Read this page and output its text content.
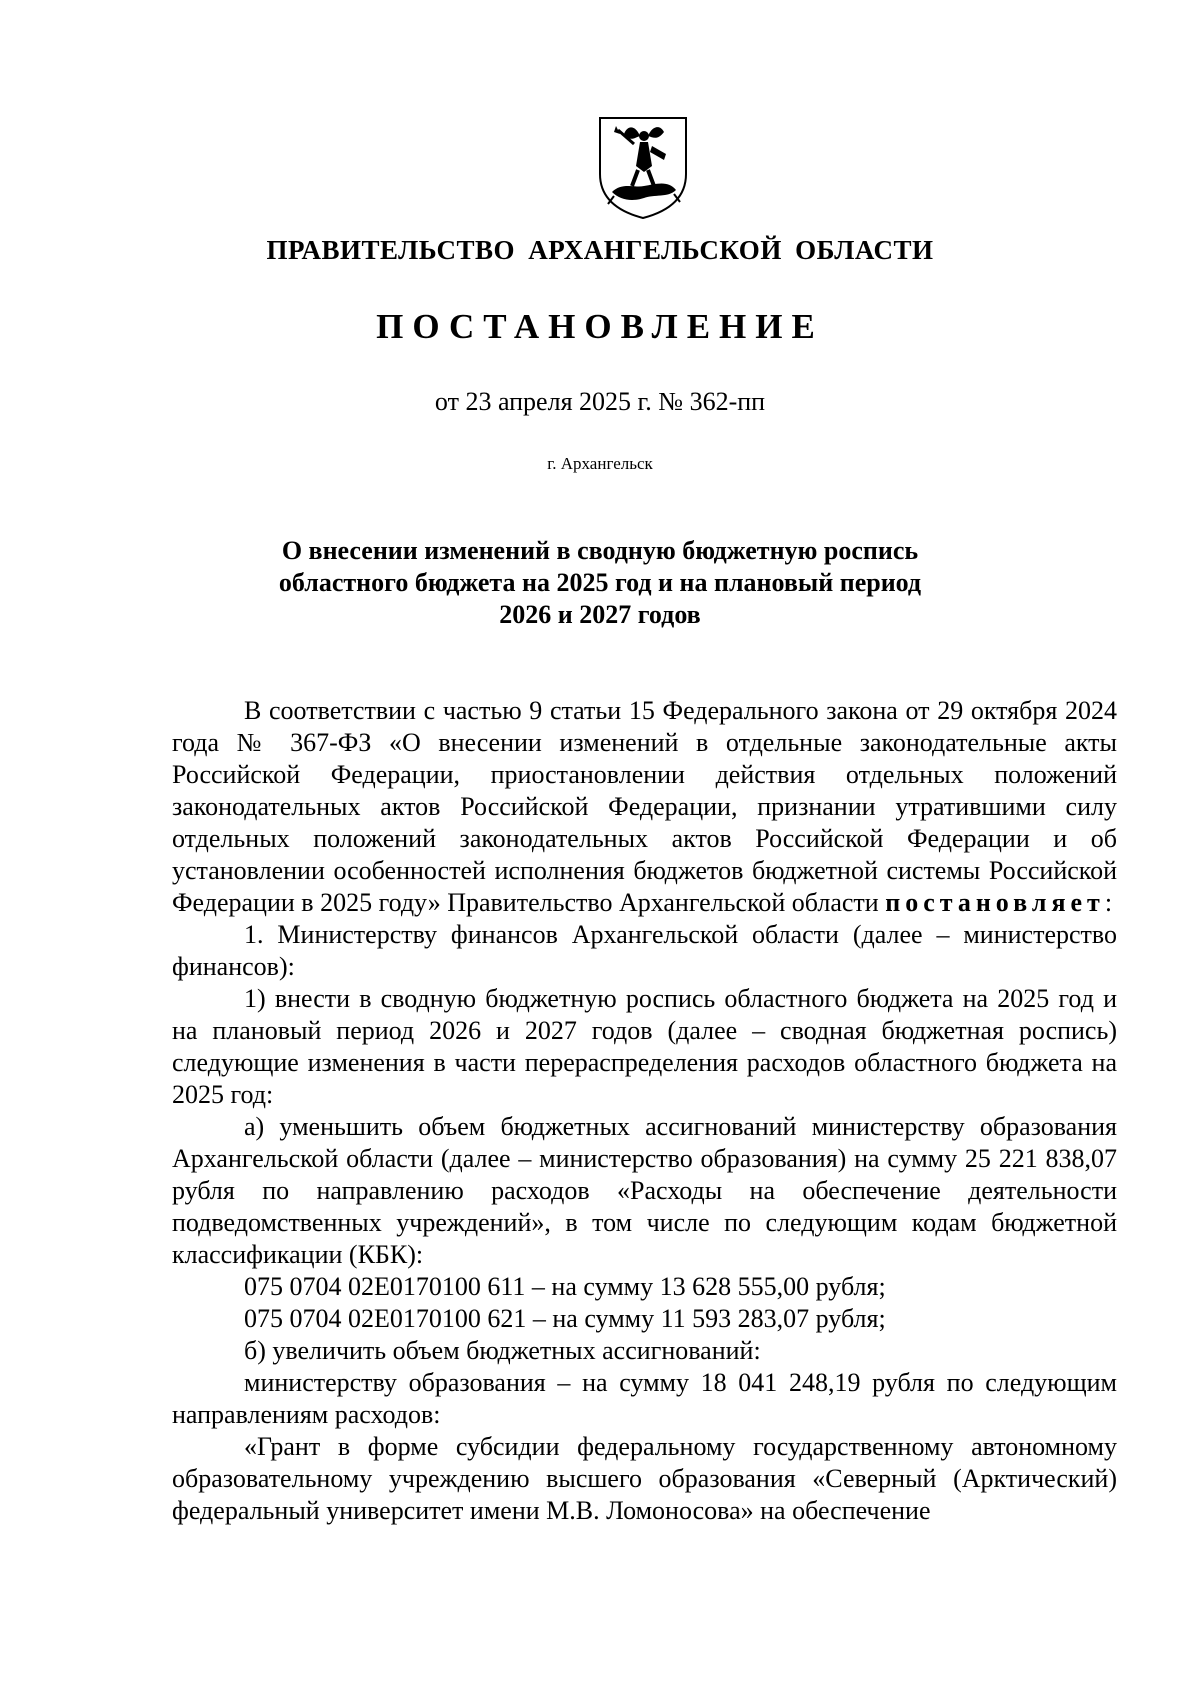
ПРАВИТЕЛЬСТВО АРХАНГЕЛЬСКОЙ ОБЛАСТИ
ПОСТАНОВЛЕНИЕ
от 23 апреля 2025 г. № 362-пп
г. Архангельск
О внесении изменений в сводную бюджетную роспись областного бюджета на 2025 год и на плановый период 2026 и 2027 годов

В соответствии с частью 9 статьи 15 Федерального закона от 29 октября 2024 года № 367-ФЗ «О внесении изменений в отдельные законодательные акты Российской Федерации, приостановлении действия отдельных положений законодательных актов Российской Федерации, признании утратившими силу отдельных положений законодательных актов Российской Федерации и об установлении особенностей исполнения бюджетов бюджетной системы Российской Федерации в 2025 году» Правительство Архангельской области постановляет:

1. Министерству финансов Архангельской области (далее – министерство финансов):

1) внести в сводную бюджетную роспись областного бюджета на 2025 год и на плановый период 2026 и 2027 годов (далее – сводная бюджетная роспись) следующие изменения в части перераспределения расходов областного бюджета на 2025 год:

а) уменьшить объем бюджетных ассигнований министерству образования Архангельской области (далее – министерство образования) на сумму 25 221 838,07 рубля по направлению расходов «Расходы на обеспечение деятельности подведомственных учреждений», в том числе по следующим кодам бюджетной классификации (КБК):

075 0704 02Е0170100 611 – на сумму 13 628 555,00 рубля;

075 0704 02Е0170100 621 – на сумму 11 593 283,07 рубля;

б) увеличить объем бюджетных ассигнований:

министерству образования – на сумму 18 041 248,19 рубля по следующим направлениям расходов:

«Грант в форме субсидии федеральному государственному автономному образовательному учреждению высшего образования «Северный (Арктический) федеральный университет имени М.В. Ломоносова» на обеспечение
